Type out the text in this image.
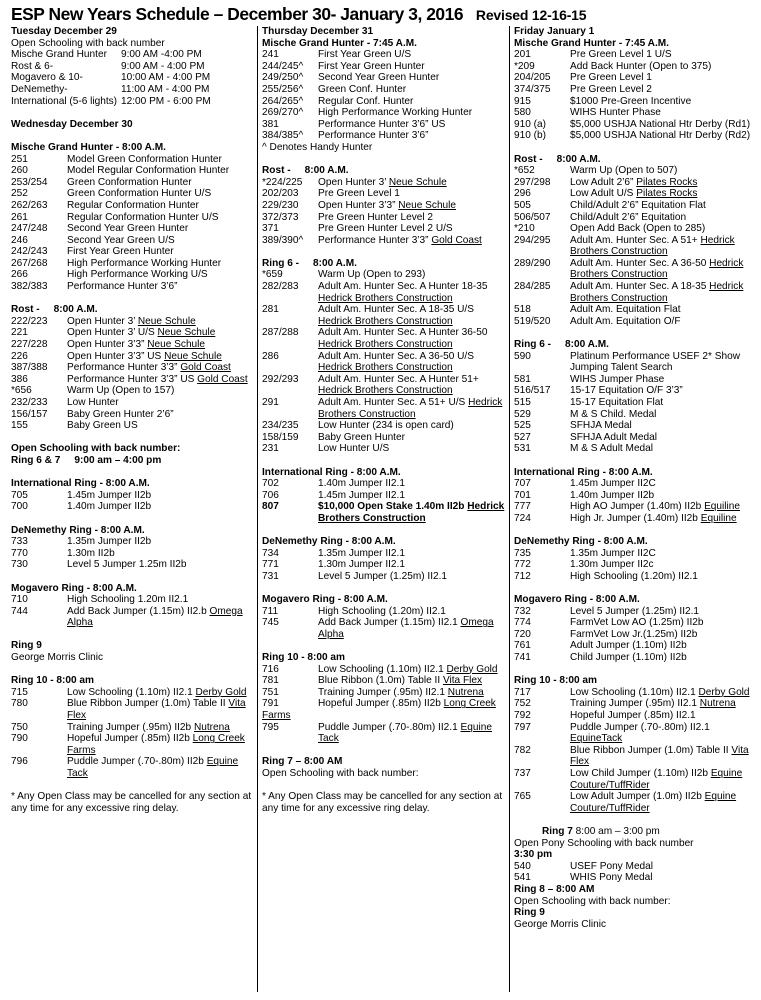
ESP New Years Schedule – December 30- January 3, 2016 Revised 12-16-15
Tuesday December 29
Open Schooling with back number
Mische Grand Hunter	9:00 AM -4:00 PM
Rost & 6-	9:00 AM - 4:00 PM
Mogavero & 10-	10:00 AM - 4:00 PM
DeNemethy-	11:00 AM - 4:00 PM
International (5-6 lights) 12:00 PM - 6:00 PM
Wednesday December 30
Mische Grand Hunter - 8:00 A.M.
251	Model Green Conformation Hunter
260	Model Regular Conformation Hunter
253/254	Green Conformation Hunter
252	Green Conformation Hunter U/S
262/263	Regular Conformation Hunter
261	Regular Conformation Hunter U/S
247/248	Second Year Green Hunter
246	Second Year Green U/S
242/243	First Year Green Hunter
267/268	High Performance Working Hunter
266	High Performance Working U/S
382/383	Performance Hunter 3’6”
Rost - 8:00 A.M.
222/223	Open Hunter 3’ Neue Schule
221	Open Hunter 3’ U/S Neue Schule
227/228	Open Hunter 3’3” Neue Schule
226	Open Hunter 3’3” US Neue Schule
387/388	Performance Hunter 3’3” Gold Coast
386	Performance Hunter 3’3” US Gold Coast
*656	Warm Up (Open to 157)
232/233	Low Hunter
156/157	Baby Green Hunter 2’6”
155	Baby Green US
Open Schooling with back number:
Ring 6 & 7 9:00 am – 4:00 pm
International Ring - 8:00 A.M.
705	1.45m Jumper II2b
700	1.40m Jumper II2b
DeNemethy Ring - 8:00 A.M.
733	1.35m Jumper II2b
770	1.30m II2b
730	Level 5 Jumper 1.25m II2b
Mogavero Ring - 8:00 A.M.
710	High Schooling 1.20m II2.1
744	Add Back Jumper (1.15m) II2.b Omega Alpha
Ring 9
George Morris Clinic
Ring 10 - 8:00 am
715	Low Schooling (1.10m) II2.1 Derby Gold
780	Blue Ribbon Jumper (1.0m) Table II Vita Flex
750	Training Jumper (.95m) II2b Nutrena
790	Hopeful Jumper (.85m) II2b Long Creek Farms
796	Puddle Jumper (.70-.80m) II2b Equine Tack
* Any Open Class may be cancelled for any section at any time for any excessive ring delay.
Thursday December 31
Mische Grand Hunter - 7:45 A.M.
241	First Year Green U/S
244/245^	First Year Green Hunter
249/250^	Second Year Green Hunter
255/256^	Green Conf. Hunter
264/265^	Regular Conf. Hunter
269/270^	High Performance Working Hunter
381	Performance Hunter 3’6” US
384/385^	Performance Hunter 3’6”
^ Denotes Handy Hunter
Rost - 8:00 A.M.
*224/225	Open Hunter 3’ Neue Schule
202/203	Pre Green Level 1
229/230	Open Hunter 3’3” Neue Schule
372/373	Pre Green Hunter Level 2
371	Pre Green Hunter Level 2 U/S
389/390^	Performance Hunter 3’3” Gold Coast
Ring 6 - 8:00 A.M.
*659	Warm Up (Open to 293)
282/283	Adult Am. Hunter Sec. A Hunter 18-35 Hedrick Brothers Construction
281	Adult Am. Hunter Sec. A 18-35 U/S Hedrick Brothers Construction
287/288	Adult Am. Hunter Sec. A Hunter 36-50 Hedrick Brothers Construction
286	Adult Am. Hunter Sec. A 36-50 U/S Hedrick Brothers Construction
292/293	Adult Am. Hunter Sec. A Hunter 51+ Hedrick Brothers Construction
291	Adult Am. Hunter Sec. A 51+ U/S Hedrick Brothers Construction
234/235	Low Hunter (234 is open card)
158/159	Baby Green Hunter
231	Low Hunter U/S
International Ring - 8:00 A.M.
702	1.40m Jumper II2.1
706	1.45m Jumper II2.1
807	$10,000 Open Stake 1.40m II2b Hedrick Brothers Construction
DeNemethy Ring - 8:00 A.M.
734	1.35m Jumper II2.1
771	1.30m Jumper II2.1
731	Level 5 Jumper (1.25m) II2.1
Mogavero Ring - 8:00 A.M.
711	High Schooling (1.20m) II2.1
745	Add Back Jumper (1.15m) II2.1 Omega Alpha
Ring 10 - 8:00 am
716	Low Schooling (1.10m) II2.1 Derby Gold
781	Blue Ribbon (1.0m) Table II Vita Flex
751	Training Jumper (.95m) II2.1 Nutrena
791	Hopeful Jumper (.85m) II2b Long Creek
Farms
795	Puddle Jumper (.70-.80m) II2.1 Equine Tack
Ring 7 – 8:00 AM
Open Schooling with back number:
* Any Open Class may be cancelled for any section at any time for any excessive ring delay.
Friday January 1
Mische Grand Hunter - 7:45 A.M.
201	Pre Green Level 1 U/S
*209	Add Back Hunter (Open to 375)
204/205	Pre Green Level 1
374/375	Pre Green Level 2
915	$1000 Pre-Green Incentive
580	WIHS Hunter Phase
910 (a)	$5,000 USHJA National Htr Derby (Rd1)
910 (b)	$5,000 USHJA National Htr Derby (Rd2)
Rost - 8:00 A.M.
*652	Warm Up (Open to 507)
297/298	Low Adult 2’6” Pilates Rocks
296	Low Adult U/S Pilates Rocks
505	Child/Adult 2’6” Equitation Flat
506/507	Child/Adult 2’6” Equitation
*210	Open Add Back (Open to 285)
294/295	Adult Am. Hunter Sec. A 51+ Hedrick Brothers Construction
289/290	Adult Am. Hunter Sec. A 36-50 Hedrick Brothers Construction
284/285	Adult Am. Hunter Sec. A 18-35 Hedrick Brothers Construction
518	Adult Am. Equitation Flat
519/520	Adult Am. Equitation O/F
Ring 6 - 8:00 A.M.
590	Platinum Performance USEF 2* Show Jumping Talent Search
581	WIHS Jumper Phase
516/517	15-17 Equitation O/F 3’3”
515	15-17 Equitation Flat
529	M & S Child. Medal
525	SFHJA Medal
527	SFHJA Adult Medal
531	M & S Adult Medal
International Ring - 8:00 A.M.
707	1.45m Jumper II2C
701	1.40m Jumper II2b
777	High AO Jumper (1.40m) II2b Equiline
724	High Jr. Jumper (1.40m) II2b Equiline
DeNemethy Ring - 8:00 A.M.
735	1.35m Jumper II2C
772	1.30m Jumper II2c
712	High Schooling (1.20m) II2.1
Mogavero Ring - 8:00 A.M.
732	Level 5 Jumper (1.25m) II2.1
774	FarmVet Low AO (1.25m) II2b
720	FarmVet Low Jr.(1.25m) II2b
761	Adult Jumper (1.10m) II2b
741	Child Jumper (1.10m) II2b
Ring 10 - 8:00 am
717	Low Schooling (1.10m) II2.1 Derby Gold
752	Training Jumper (.95m) II2.1 Nutrena
792	Hopeful Jumper (.85m) II2.1
797	Puddle Jumper (.70-.80m) II2.1 EquineTack
782	Blue Ribbon Jumper (1.0m) Table II Vita Flex
737	Low Child Jumper (1.10m) II2b Equine Couture/TuffRider
765	Low Adult Jumper (1.0m) II2b Equine Couture/TuffRider
Ring 7 8:00 am – 3:00 pm
Open Pony Schooling with back number
3:30 pm
540	USEF Pony Medal
541	WHIS Pony Medal
Ring 8 – 8:00 AM
Open Schooling with back number:
Ring 9
George Morris Clinic
